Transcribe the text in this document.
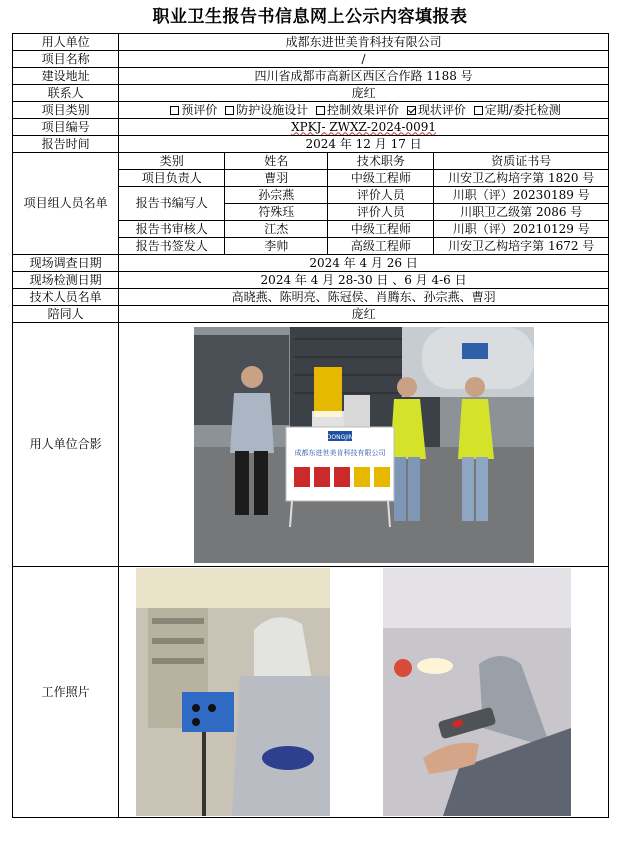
职业卫生报告书信息网上公示内容填报表
用人单位	成都东进世美肯科技有限公司			
项目名称	/			
建设地址	四川省成都市高新区西区合作路 1188 号			
联系人	庞红			
项目类别	预评价 防护设施设计 控制效果评价 现状评价 定期/委托检测			
项目编号	XPKJ- ZWXZ-2024-0091			
报告时间	2024 年 12 月 17 日			
项目组人员名单	类别	姓名	技术职务	资质证书号
	项目负责人	曹羽	中级工程师	川安卫乙构培字第 1820 号
	报告书编写人	孙宗燕	评价人员	川职（评）20230189 号
		符殊珏	评价人员	川职卫乙级第 2086 号
	报告书审核人	江杰	中级工程师	川职（评）20210129 号
	报告书签发人	李帅	高级工程师	川安卫乙构培字第 1672 号
现场调查日期	2024 年 4 月 26 日			
现场检测日期	2024 年 4 月 28-30 日 、6 月 4-6 日			
技术人员名单	高晓燕、陈明亮、陈冠侯、肖腾东、孙宗燕、曹羽			
陪同人	庞红			
用人单位合影	DONGJIN
成都东进世美肯科技有限公司			

工作照片	
